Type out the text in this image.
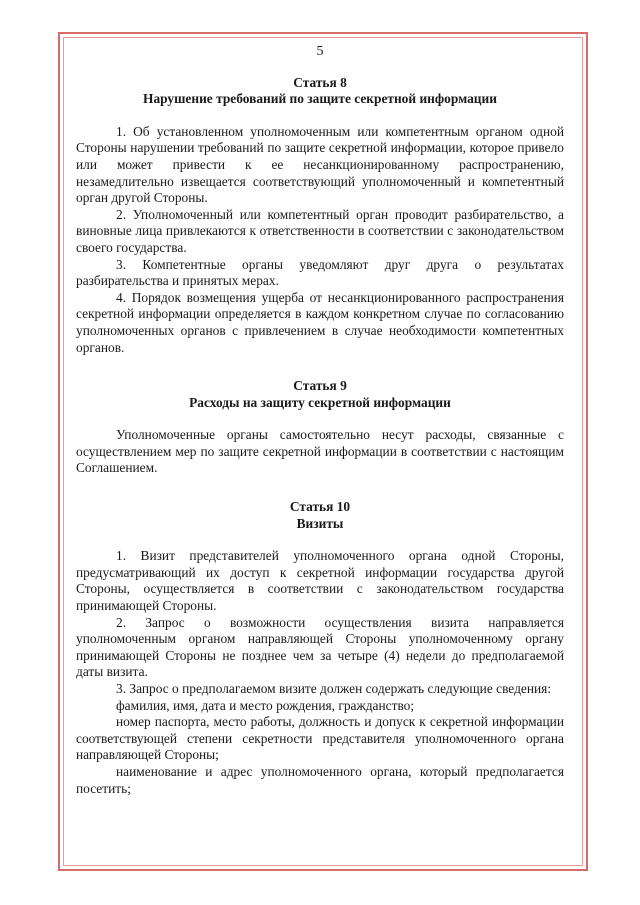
5
Статья 8
Нарушение требований по защите секретной информации

1. Об установленном уполномоченным или компетентным органом одной Стороны нарушении требований по защите секретной информации, которое привело или может привести к ее несанкционированному распространению, незамедлительно извещается соответствующий уполномоченный и компетентный орган другой Стороны.

2. Уполномоченный или компетентный орган проводит разбирательство, а виновные лица привлекаются к ответственности в соответствии с законодательством своего государства.

3. Компетентные органы уведомляют друг друга о результатах разбирательства и принятых мерах.

4. Порядок возмещения ущерба от несанкционированного распространения секретной информации определяется в каждом конкретном случае по согласованию уполномоченных органов с привлечением в случае необходимости компетентных органов.

Статья 9
Расходы на защиту секретной информации

Уполномоченные органы самостоятельно несут расходы, связанные с осуществлением мер по защите секретной информации в соответствии с настоящим Соглашением.

Статья 10
Визиты

1. Визит представителей уполномоченного органа одной Стороны, предусматривающий их доступ к секретной информации государства другой Стороны, осуществляется в соответствии с законодательством государства принимающей Стороны.

2. Запрос о возможности осуществления визита направляется уполномоченным органом направляющей Стороны уполномоченному органу принимающей Стороны не позднее чем за четыре (4) недели до предполагаемой даты визита.

3. Запрос о предполагаемом визите должен содержать следующие сведения:

фамилия, имя, дата и место рождения, гражданство;

номер паспорта, место работы, должность и допуск к секретной информации соответствующей степени секретности представителя уполномоченного органа направляющей Стороны;

наименование и адрес уполномоченного органа, который предполагается посетить;
